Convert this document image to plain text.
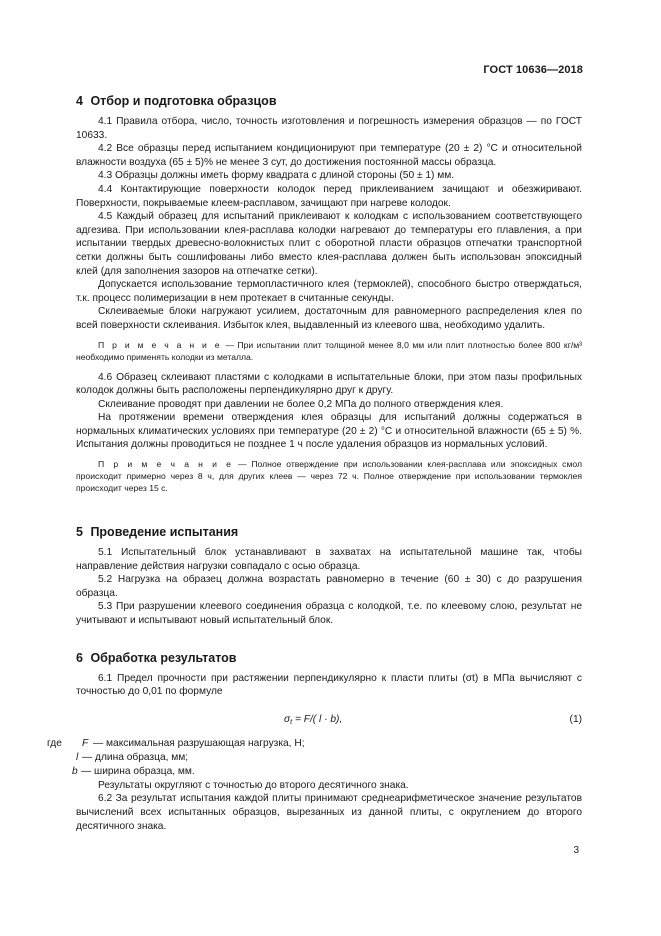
ГОСТ 10636—2018
4 Отбор и подготовка образцов

4.1 Правила отбора, число, точность изготовления и погрешность измерения образцов — по ГОСТ 10633.

4.2 Все образцы перед испытанием кондиционируют при температуре (20 ± 2) °С и относительной влажности воздуха (65 ± 5)% не менее 3 сут, до достижения постоянной массы образца.

4.3 Образцы должны иметь форму квадрата с длиной стороны (50 ± 1) мм.

4.4 Контактирующие поверхности колодок перед приклеиванием зачищают и обезжиривают. Поверхности, покрываемые клеем-расплавом, зачищают при нагреве колодок.

4.5 Каждый образец для испытаний приклеивают к колодкам с использованием соответствующего адгезива. При использовании клея-расплава колодки нагревают до температуры его плавления, а при испытании твердых древесно-волокнистых плит с оборотной пласти образцов отпечатки транспортной сетки должны быть сошлифованы либо вместо клея-расплава должен быть использован эпоксидный клей (для заполнения зазоров на отпечатке сетки).

Допускается использование термопластичного клея (термоклей), способного быстро отверждаться, т.к. процесс полимеризации в нем протекает в считанные секунды.

Склеиваемые блоки нагружают усилием, достаточным для равномерного распределения клея по всей поверхности склеивания. Избыток клея, выдавленный из клеевого шва, необходимо удалить.

П р и м е ч а н и е — При испытании плит толщиной менее 8,0 мм или плит плотностью более 800 кг/м³ необходимо применять колодки из металла.

4.6 Образец склеивают пластями с колодками в испытательные блоки, при этом пазы профильных колодок должны быть расположены перпендикулярно друг к другу.

Склеивание проводят при давлении не более 0,2 МПа до полного отверждения клея.

На протяжении времени отверждения клея образцы для испытаний должны содержаться в нормальных климатических условиях при температуре (20 ± 2) °С и относительной влажности (65 ± 5) %. Испытания должны проводиться не позднее 1 ч после удаления образцов из нормальных условий.

П р и м е ч а н и е — Полное отверждение при использовании клея-расплава или эпоксидных смол происходит примерно через 8 ч, для других клеев — через 72 ч. Полное отверждение при использовании термоклея происходит через 15 с.

5 Проведение испытания

5.1 Испытательный блок устанавливают в захватах на испытательной машине так, чтобы направление действия нагрузки совпадало с осью образца.

5.2 Нагрузка на образец должна возрастать равномерно в течение (60 ± 30) с до разрушения образца.

5.3 При разрушении клеевого соединения образца с колодкой, т.е. по клеевому слою, результат не учитывают и испытывают новый испытательный блок.

6 Обработка результатов

6.1 Предел прочности при растяжении перпендикулярно к пласти плиты (σt) в МПа вычисляют с точностью до 0,01 по формуле

$\sigma_t = F/$( l · b),	(1)
где F — максимальная разрушающая нагрузка, Н;
l — длина образца, мм;
b — ширина образца, мм.

Результаты округляют с точностью до второго десятичного знака.

6.2 За результат испытания каждой плиты принимают среднеарифметическое значение результатов вычислений всех испытанных образцов, вырезанных из данной плиты, с округлением до второго десятичного знака.

3
